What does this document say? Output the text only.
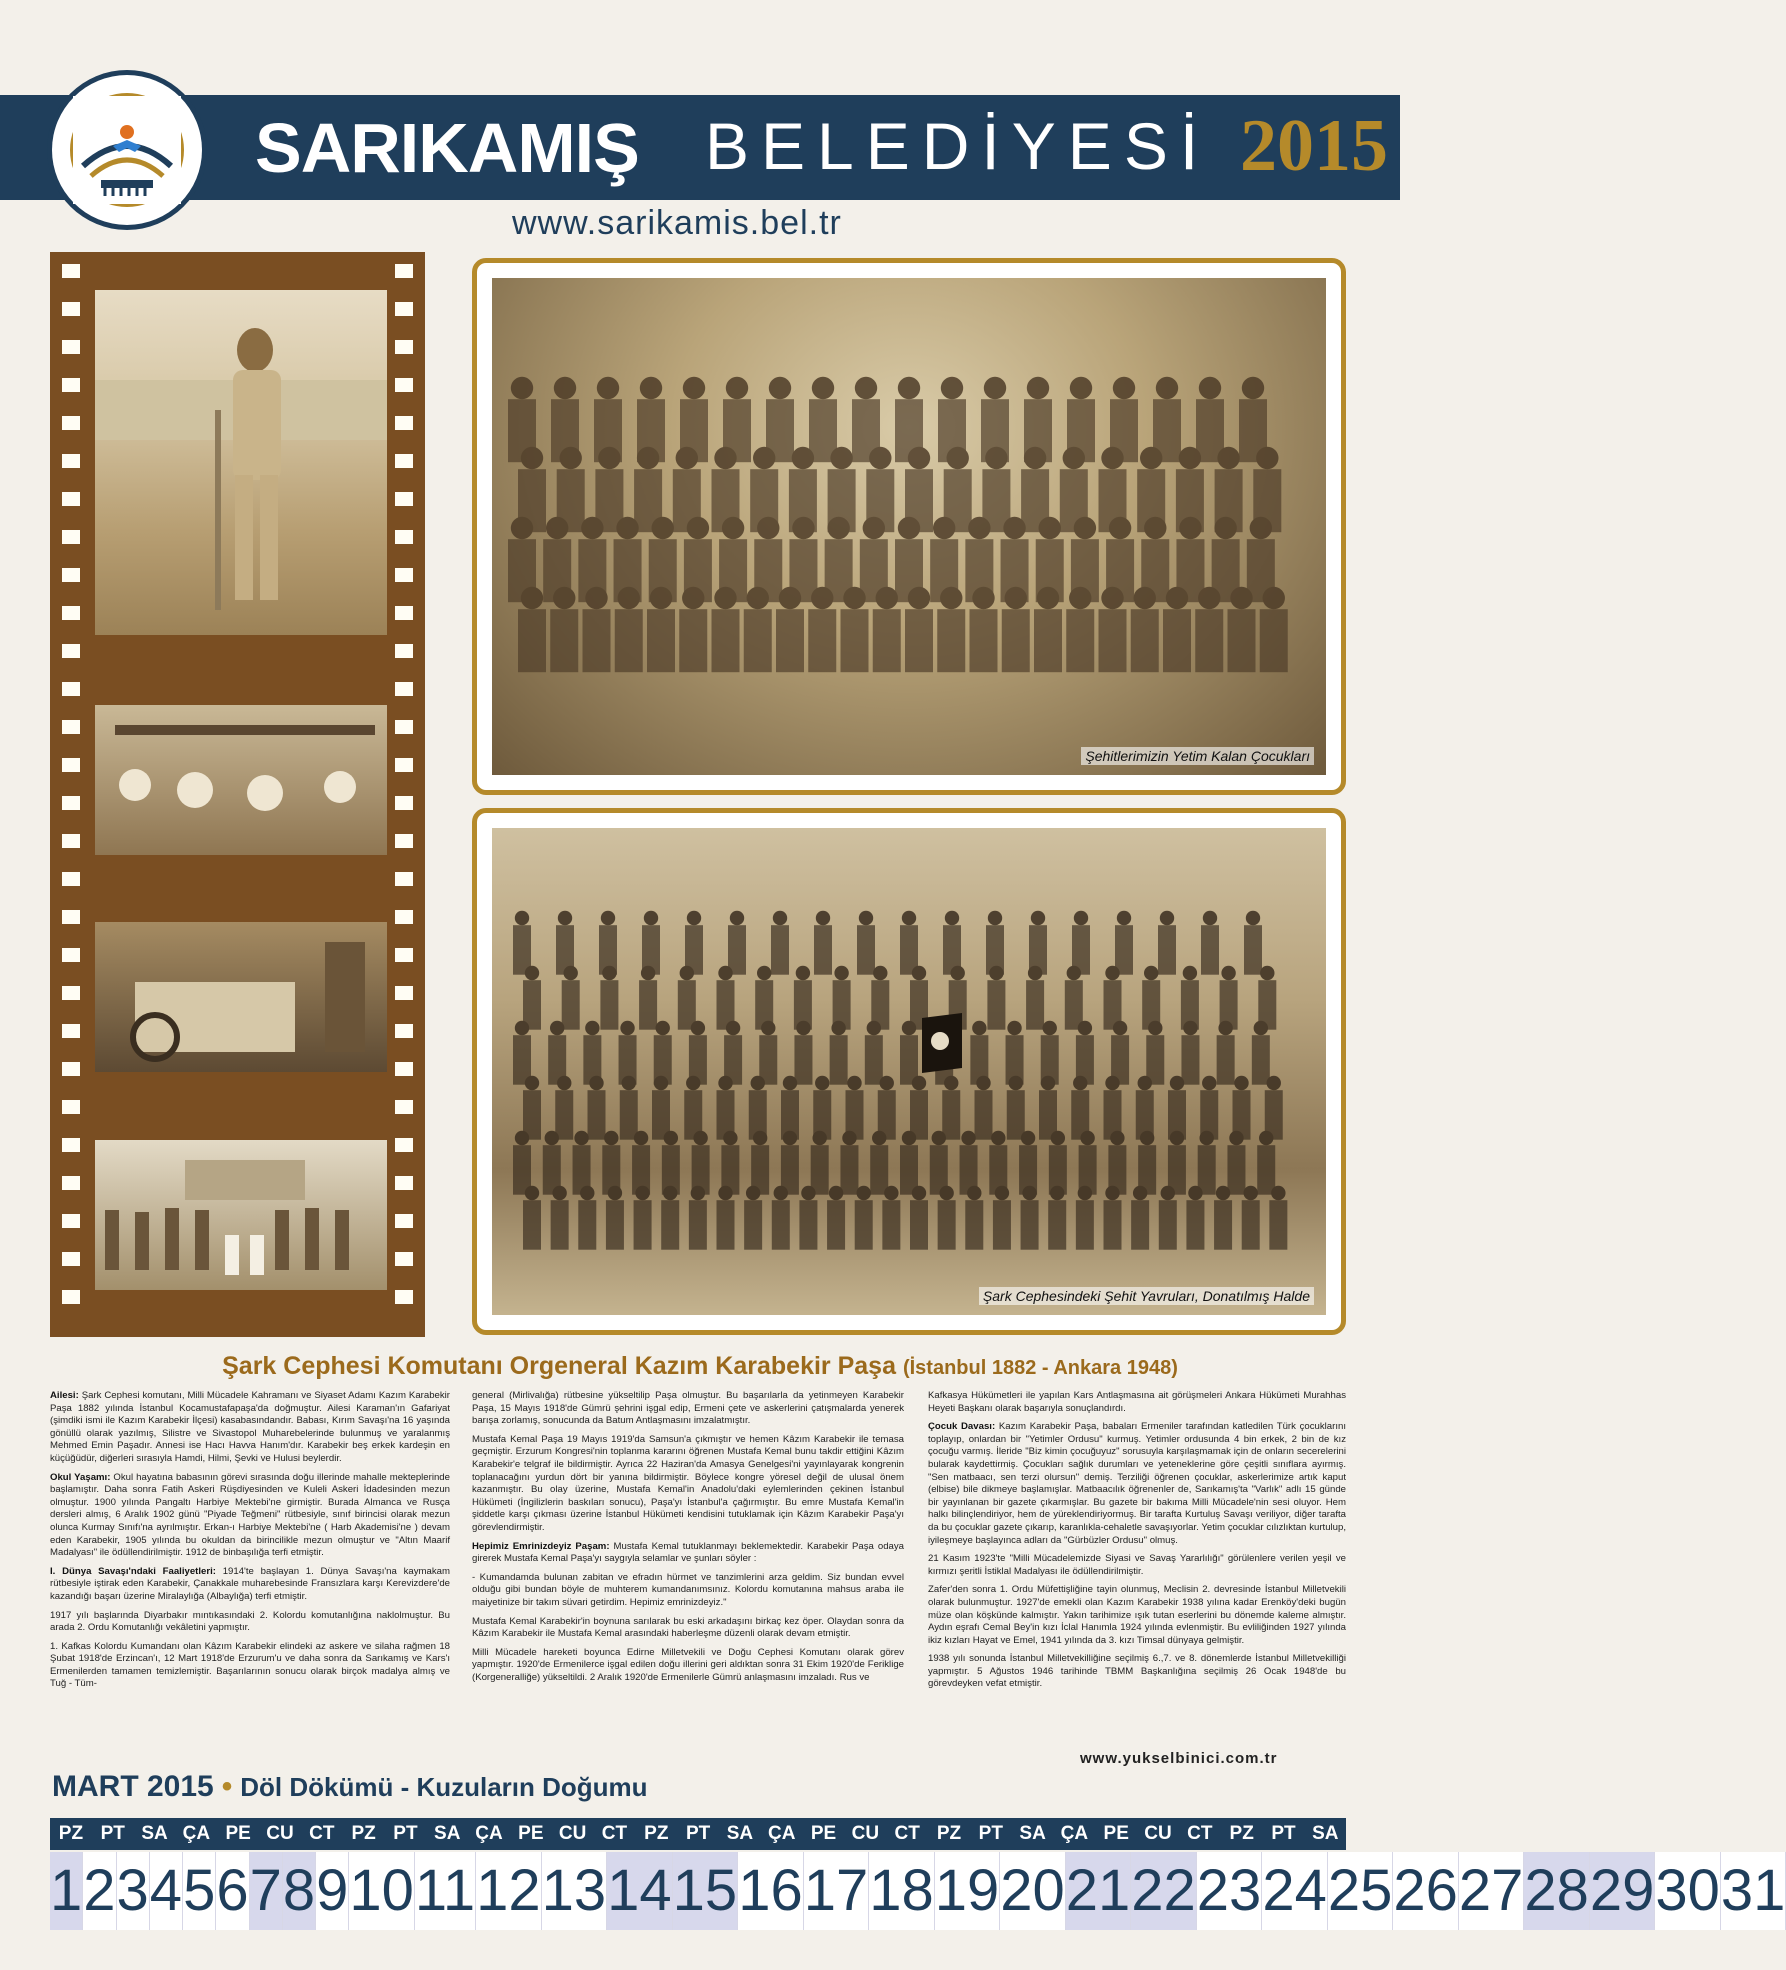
SARIKAMIŞ BELEDİYESİ 2015
www.sarikamis.bel.tr
Şehitlerimizin Yetim Kalan Çocukları
Şark Cephesindeki Şehit Yavruları, Donatılmış Halde
Şark Cephesi Komutanı Orgeneral Kazım Karabekir Paşa (İstanbul 1882 - Ankara 1948)

Ailesi: Şark Cephesi komutanı, Milli Mücadele Kahramanı ve Siyaset Adamı Kazım Karabekir Paşa 1882 yılında İstanbul Kocamustafapaşa'da doğmuştur. Ailesi Karaman'ın Gafariyat (şimdiki ismi ile Kazım Karabekir İlçesi) kasabasındandır. Babası, Kırım Savaşı'na 16 yaşında gönüllü olarak yazılmış, Silistre ve Sivastopol Muharebelerinde bulunmuş ve yaralanmış Mehmed Emin Paşadır. Annesi ise Hacı Havva Hanım'dır. Karabekir beş erkek kardeşin en küçüğüdür, diğerleri sırasıyla Hamdi, Hilmi, Şevki ve Hulusi beylerdir.

Okul Yaşamı: Okul hayatına babasının görevi sırasında doğu illerinde mahalle mekteplerinde başlamıştır. Daha sonra Fatih Askeri Rüşdiyesinden ve Kuleli Askeri İdadesinden mezun olmuştur. 1900 yılında Pangaltı Harbiye Mektebi'ne girmiştir. Burada Almanca ve Rusça dersleri almış, 6 Aralık 1902 günü "Piyade Teğmeni" rütbesiyle, sınıf birincisi olarak mezun olunca Kurmay Sınıfı'na ayrılmıştır. Erkan-ı Harbiye Mektebi'ne ( Harb Akademisi'ne ) devam eden Karabekir, 1905 yılında bu okuldan da birincilikle mezun olmuştur ve "Altın Maarif Madalyası" ile ödüllendirilmiştir. 1912 de binbaşılığa terfi etmiştir.

I. Dünya Savaşı'ndaki Faaliyetleri: 1914'te başlayan 1. Dünya Savaşı'na kaymakam rütbesiyle iştirak eden Karabekir, Çanakkale muharebesinde Fransızlara karşı Kerevizdere'de kazandığı başarı üzerine Miralaylığa (Albaylığa) terfi etmiştir.

1917 yılı başlarında Diyarbakır mıntıkasındaki 2. Kolordu komutanlığına naklolmuştur. Bu arada 2. Ordu Komutanlığı vekâletini yapmıştır.

1. Kafkas Kolordu Kumandanı olan Kâzım Karabekir elindeki az askere ve silaha rağmen 18 Şubat 1918'de Erzincan'ı, 12 Mart 1918'de Erzurum'u ve daha sonra da Sarıkamış ve Kars'ı Ermenilerden tamamen temizlemiştir. Başarılarının sonucu olarak birçok madalya almış ve Tuğ - Tüm-

general (Mirlivalığa) rütbesine yükseltilip Paşa olmuştur. Bu başarılarla da yetinmeyen Karabekir Paşa, 15 Mayıs 1918'de Gümrü şehrini işgal edip, Ermeni çete ve askerlerini çatışmalarda yenerek barışa zorlamış, sonucunda da Batum Antlaşmasını imzalatmıştır.

Mustafa Kemal Paşa 19 Mayıs 1919'da Samsun'a çıkmıştır ve hemen Kâzım Karabekir ile temasa geçmiştir. Erzurum Kongresi'nin toplanma kararını öğrenen Mustafa Kemal bunu takdir ettiğini Kâzım Karabekir'e telgraf ile bildirmiştir. Ayrıca 22 Haziran'da Amasya Genelgesi'ni yayınlayarak kongrenin toplanacağını yurdun dört bir yanına bildirmiştir. Böylece kongre yöresel değil de ulusal önem kazanmıştır. Bu olay üzerine, Mustafa Kemal'in Anadolu'daki eylemlerinden çekinen İstanbul Hükümeti (İngilizlerin baskıları sonucu), Paşa'yı İstanbul'a çağırmıştır. Bu emre Mustafa Kemal'in şiddetle karşı çıkması üzerine İstanbul Hükümeti kendisini tutuklamak için Kâzım Karabekir Paşa'yı görevlendirmiştir.

Hepimiz Emrinizdeyiz Paşam: Mustafa Kemal tutuklanmayı beklemektedir. Karabekir Paşa odaya girerek Mustafa Kemal Paşa'yı saygıyla selamlar ve şunları söyler :

- Kumandamda bulunan zabitan ve efradın hürmet ve tanzimlerini arza geldim. Siz bundan evvel olduğu gibi bundan böyle de muhterem kumandanımsınız. Kolordu komutanına mahsus araba ile maiyetinize bir takım süvari getirdim. Hepimiz emrinizdeyiz."

Mustafa Kemal Karabekir'in boynuna sarılarak bu eski arkadaşını birkaç kez öper. Olaydan sonra da Kâzım Karabekir ile Mustafa Kemal arasındaki haberleşme düzenli olarak devam etmiştir.

Milli Mücadele hareketi boyunca Edirne Milletvekili ve Doğu Cephesi Komutanı olarak görev yapmıştır. 1920'de Ermenilerce işgal edilen doğu illerini geri aldıktan sonra 31 Ekim 1920'de Feriklige (Korgeneralliğe) yükseltildi. 2 Aralık 1920'de Ermenilerle Gümrü anlaşmasını imzaladı. Rus ve

Kafkasya Hükümetleri ile yapılan Kars Antlaşmasına ait görüşmeleri Ankara Hükümeti Murahhas Heyeti Başkanı olarak başarıyla sonuçlandırdı.

Çocuk Davası: Kazım Karabekir Paşa, babaları Ermeniler tarafından katledilen Türk çocuklarını toplayıp, onlardan bir "Yetimler Ordusu" kurmuş. Yetimler ordusunda 4 bin erkek, 2 bin de kız çocuğu varmış. İleride "Biz kimin çocuğuyuz" sorusuyla karşılaşmamak için de onların secerelerini bularak kaydettirmiş. Çocukları sağlık durumları ve yeteneklerine göre çeşitli sınıflara ayırmış. "Sen matbaacı, sen terzi olursun" demiş. Terziliği öğrenen çocuklar, askerlerimize artık kaput (elbise) bile dikmeye başlamışlar. Matbaacılık öğrenenler de, Sarıkamış'ta "Varlık" adlı 15 günde bir yayınlanan bir gazete çıkarmışlar. Bu gazete bir bakıma Milli Mücadele'nin sesi oluyor. Hem halkı bilinçlendiriyor, hem de yüreklendiriyormuş. Bir tarafta Kurtuluş Savaşı veriliyor, diğer tarafta da bu çocuklar gazete çıkarıp, karanlıkla-cehaletle savaşıyorlar. Yetim çocuklar cılızlıktan kurtulup, iyileşmeye başlayınca adları da "Gürbüzler Ordusu" olmuş.

21 Kasım 1923'te "Milli Mücadelemizde Siyasi ve Savaş Yararlılığı" görülenlere verilen yeşil ve kırmızı şeritli İstiklal Madalyası ile ödüllendirilmiştir.

Zafer'den sonra 1. Ordu Müfettişliğine tayin olunmuş, Meclisin 2. devresinde İstanbul Milletvekili olarak bulunmuştur. 1927'de emekli olan Kazım Karabekir 1938 yılına kadar Erenköy'deki bugün müze olan köşkünde kalmıştır. Yakın tarihimize ışık tutan eserlerini bu dönemde kaleme almıştır. Aydın eşrafı Cemal Bey'in kızı İclal Hanımla 1924 yılında evlenmiştir. Bu evliliğinden 1927 yılında ikiz kızları Hayat ve Emel, 1941 yılında da 3. kızı Timsal dünyaya gelmiştir.

1938 yılı sonunda İstanbul Milletvekilliğine seçilmiş 6.,7. ve 8. dönemlerde İstanbul Milletvekilliği yapmıştır. 5 Ağustos 1946 tarihinde TBMM Başkanlığına seçilmiş 26 Ocak 1948'de bu görevdeyken vefat etmiştir.

www.yukselbinici.com.tr
MART 2015 • Döl Dökümü - Kuzuların Doğumu
PZ PT SA ÇA PE CU CT PZ PT SA ÇA PE CU CT PZ PT SA ÇA PE CU CT PZ PT SA ÇA PE CU CT PZ PT SA
1 2 3 4 5 6 7 8 9 10 11 12 13 14 15 16 17 18 19 20 21 22 23 24 25 26 27 28 29 30 31
